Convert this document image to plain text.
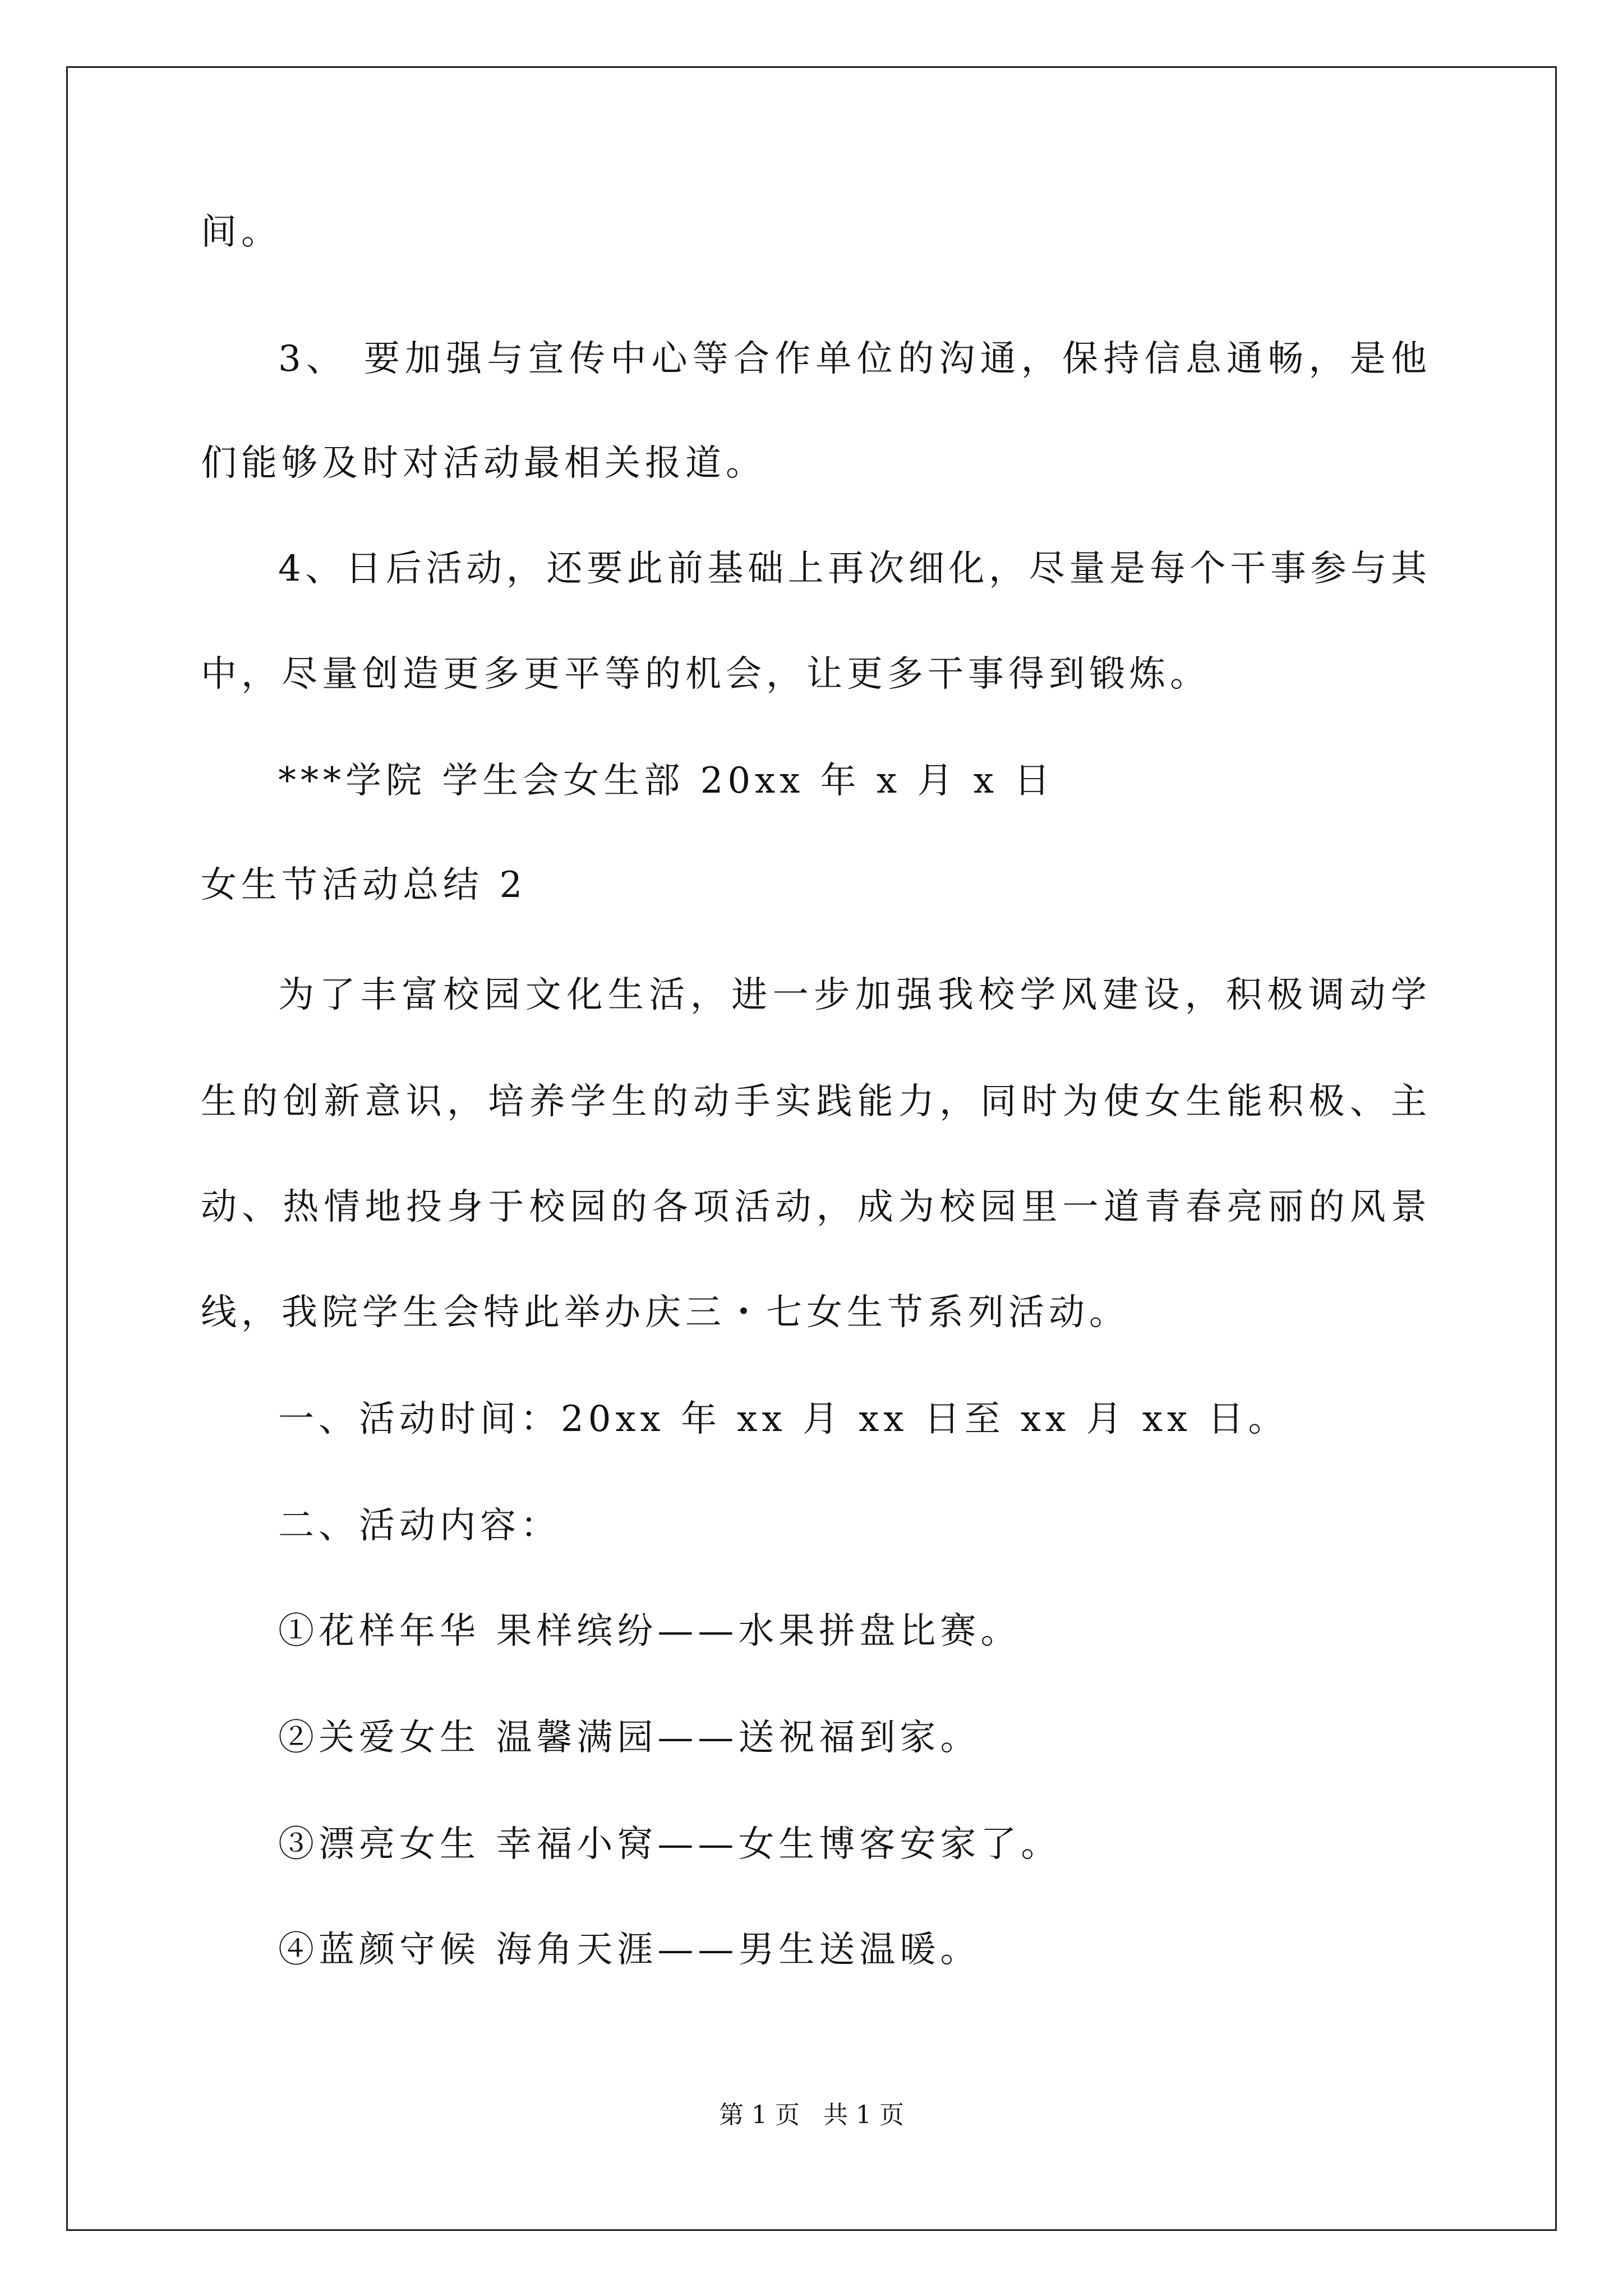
间。
3、 要加强与宣传中心等合作单位的沟通，保持信息通畅，是他
们能够及时对活动最相关报道。
4、日后活动，还要此前基础上再次细化，尽量是每个干事参与其
中，尽量创造更多更平等的机会，让更多干事得到锻炼。
***学院 学生会女生部 20xx 年 x 月 x 日
女生节活动总结 2
为了丰富校园文化生活，进一步加强我校学风建设，积极调动学
生的创新意识，培养学生的动手实践能力，同时为使女生能积极、主
动、热情地投身于校园的各项活动，成为校园里一道青春亮丽的风景
线，我院学生会特此举办庆三・七女生节系列活动。
一、活动时间：20xx 年 xx 月 xx 日至 xx 月 xx 日。
二、活动内容：
①花样年华 果样缤纷——水果拼盘比赛。
②关爱女生 温馨满园——送祝福到家。
③漂亮女生 幸福小窝——女生博客安家了。
④蓝颜守候 海角天涯——男生送温暖。
第 1 页   共 1 页
